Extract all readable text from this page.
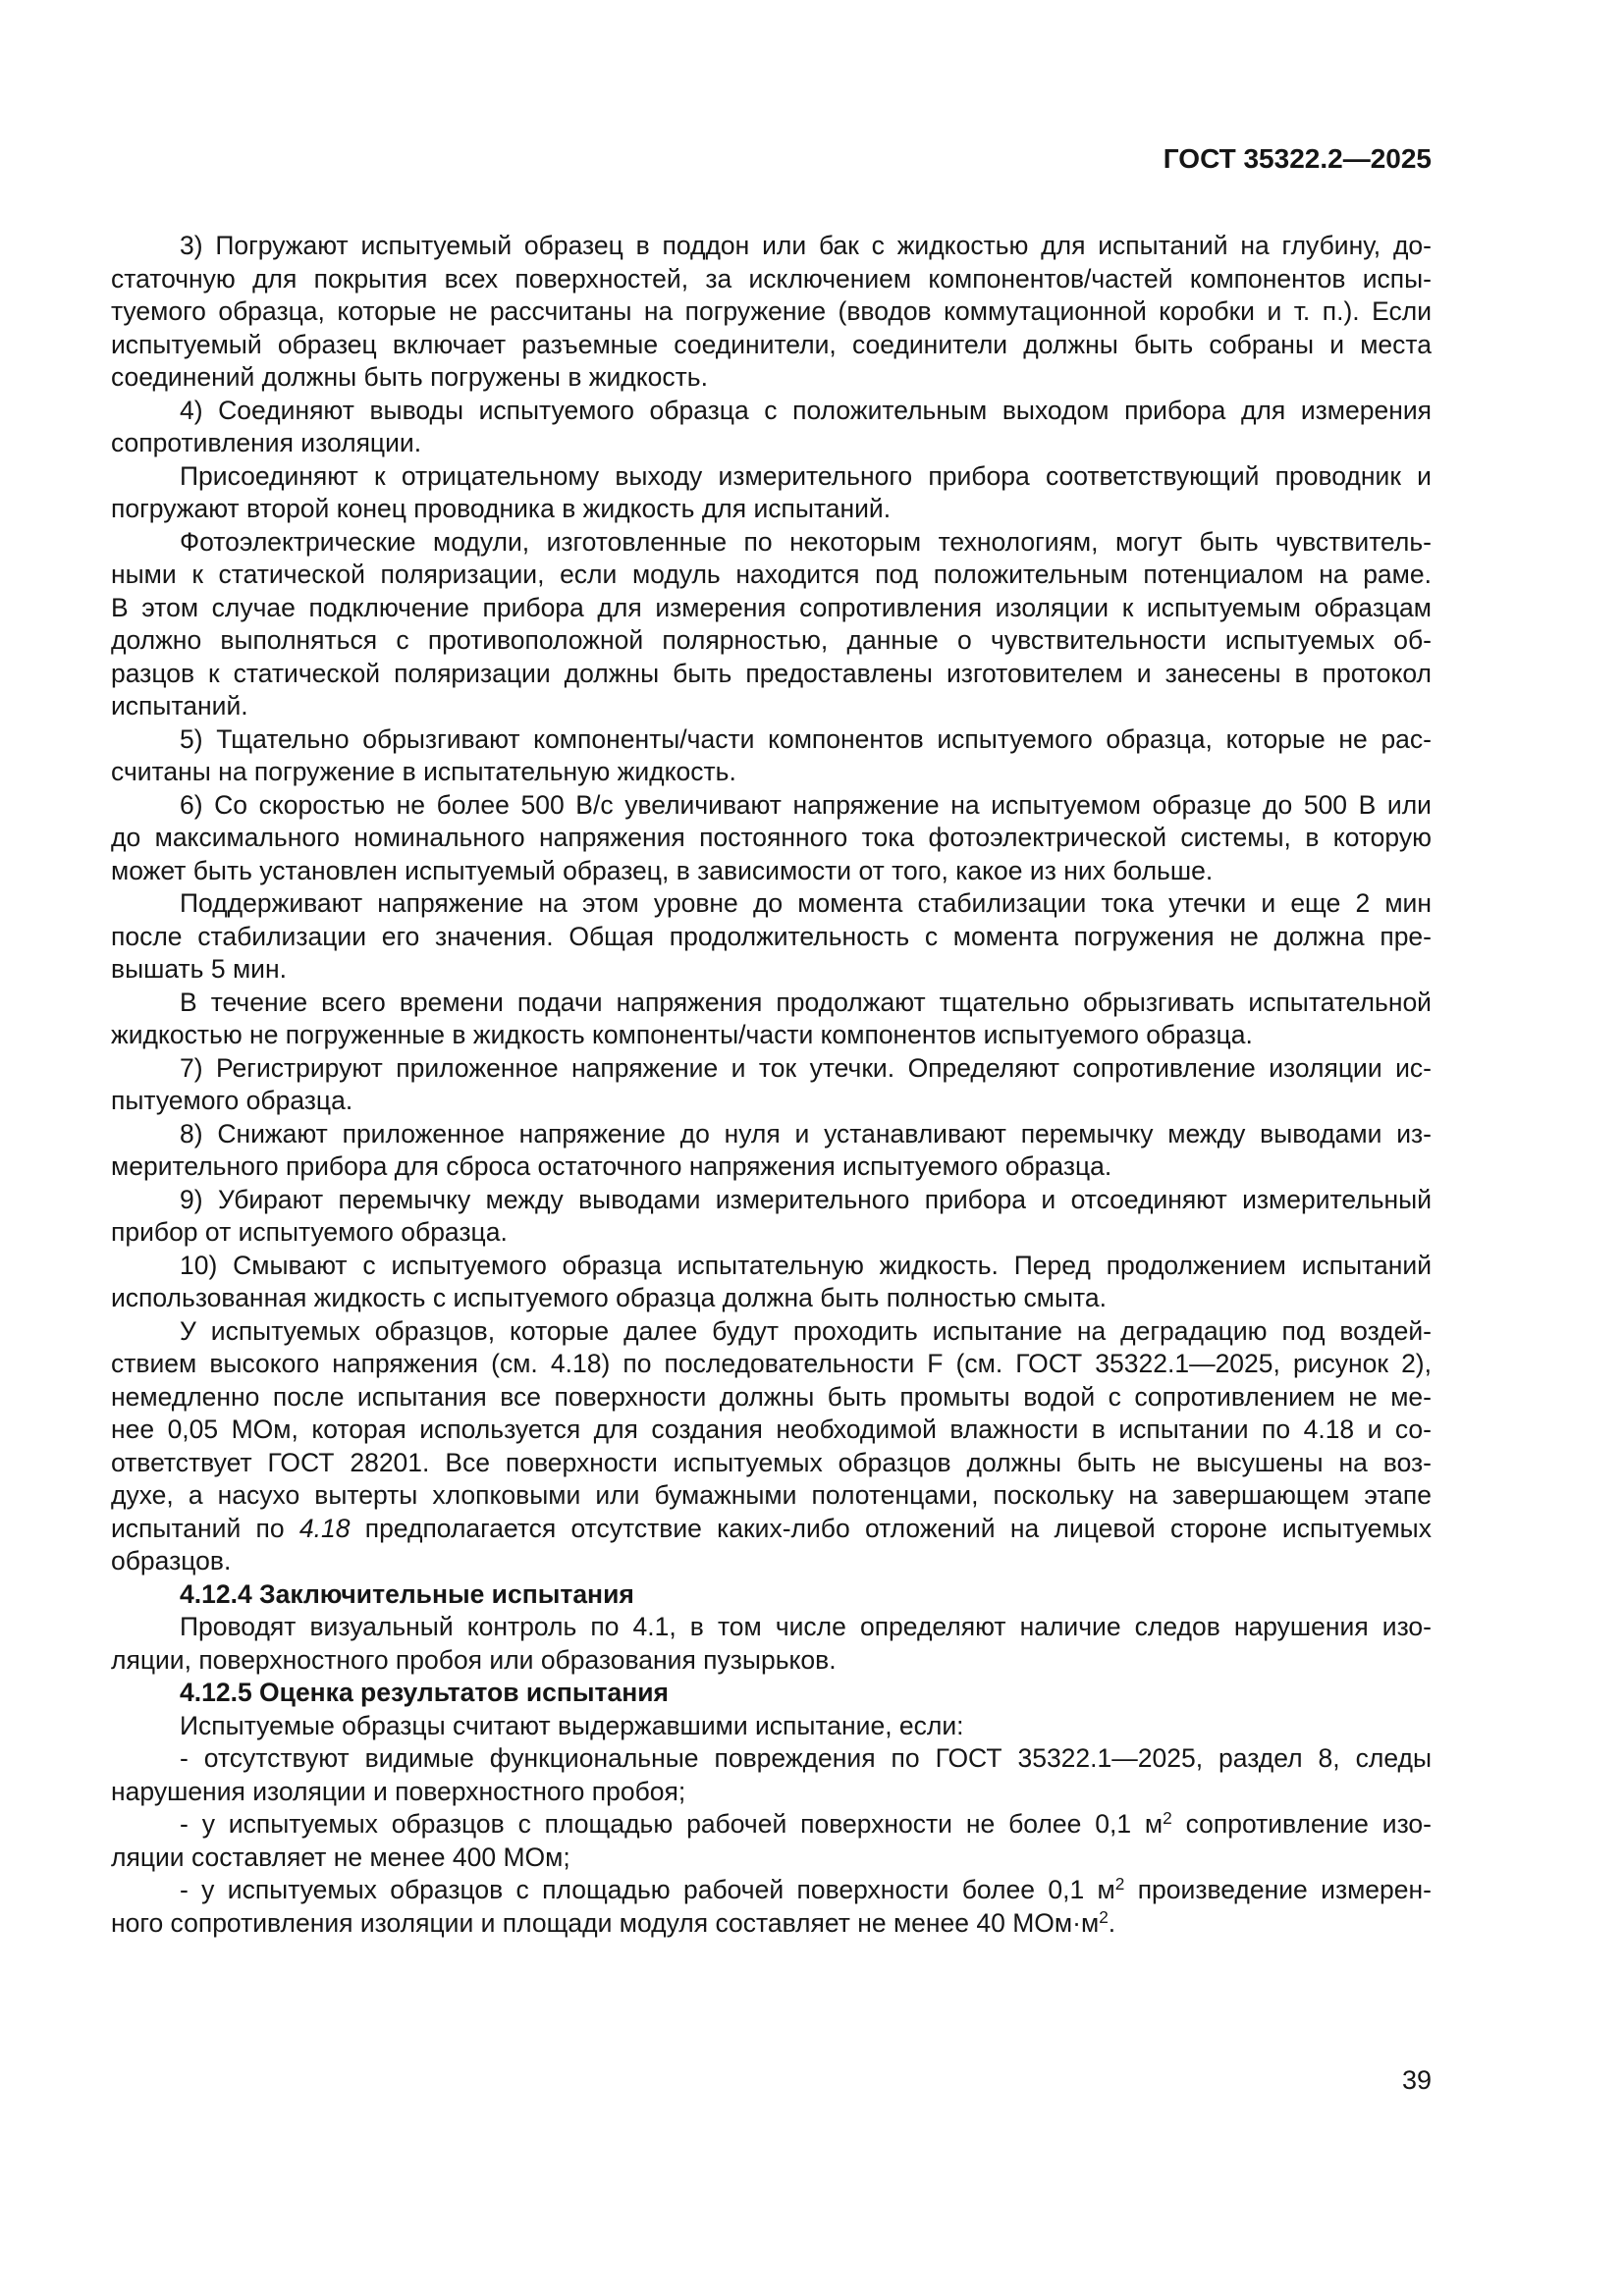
ГОСТ 35322.2—2025
3) Погружают испытуемый образец в поддон или бак с жидкостью для испытаний на глубину, до-
статочную для покрытия всех поверхностей, за исключением компонентов/частей компонентов испы-
туемого образца, которые не рассчитаны на погружение (вводов коммутационной коробки и т. п.). Если
испытуемый образец включает разъемные соединители, соединители должны быть собраны и места
соединений должны быть погружены в жидкость.
4) Соединяют выводы испытуемого образца с положительным выходом прибора для измерения
сопротивления изоляции.
Присоединяют к отрицательному выходу измерительного прибора соответствующий проводник и
погружают второй конец проводника в жидкость для испытаний.
Фотоэлектрические модули, изготовленные по некоторым технологиям, могут быть чувствитель-
ными к статической поляризации, если модуль находится под положительным потенциалом на раме.
В этом случае подключение прибора для измерения сопротивления изоляции к испытуемым образцам
должно выполняться с противоположной полярностью, данные о чувствительности испытуемых об-
разцов к статической поляризации должны быть предоставлены изготовителем и занесены в протокол
испытаний.
5) Тщательно обрызгивают компоненты/части компонентов испытуемого образца, которые не рас-
считаны на погружение в испытательную жидкость.
6) Со скоростью не более 500 В/с увеличивают напряжение на испытуемом образце до 500 В или
до максимального номинального напряжения постоянного тока фотоэлектрической системы, в которую
может быть установлен испытуемый образец, в зависимости от того, какое из них больше.
Поддерживают напряжение на этом уровне до момента стабилизации тока утечки и еще 2 мин
после стабилизации его значения. Общая продолжительность с момента погружения не должна пре-
вышать 5 мин.
В течение всего времени подачи напряжения продолжают тщательно обрызгивать испытательной
жидкостью не погруженные в жидкость компоненты/части компонентов испытуемого образца.
7) Регистрируют приложенное напряжение и ток утечки. Определяют сопротивление изоляции ис-
пытуемого образца.
8) Снижают приложенное напряжение до нуля и устанавливают перемычку между выводами из-
мерительного прибора для сброса остаточного напряжения испытуемого образца.
9) Убирают перемычку между выводами измерительного прибора и отсоединяют измерительный
прибор от испытуемого образца.
10) Смывают с испытуемого образца испытательную жидкость. Перед продолжением испытаний
использованная жидкость с испытуемого образца должна быть полностью смыта.
У испытуемых образцов, которые далее будут проходить испытание на деградацию под воздей-
ствием высокого напряжения (см. 4.18) по последовательности F (см. ГОСТ 35322.1—2025, рисунок 2),
немедленно после испытания все поверхности должны быть промыты водой с сопротивлением не ме-
нее 0,05 МОм, которая используется для создания необходимой влажности в испытании по 4.18 и со-
ответствует ГОСТ 28201. Все поверхности испытуемых образцов должны быть не высушены на воз-
духе, а насухо вытерты хлопковыми или бумажными полотенцами, поскольку на завершающем этапе
испытаний по 4.18 предполагается отсутствие каких-либо отложений на лицевой стороне испытуемых
образцов.
4.12.4 Заключительные испытания
Проводят визуальный контроль по 4.1, в том числе определяют наличие следов нарушения изо-
ляции, поверхностного пробоя или образования пузырьков.
4.12.5 Оценка результатов испытания
Испытуемые образцы считают выдержавшими испытание, если:
- отсутствуют видимые функциональные повреждения по ГОСТ 35322.1—2025, раздел 8, следы
нарушения изоляции и поверхностного пробоя;
- у испытуемых образцов с площадью рабочей поверхности не более 0,1 $м^2$ сопротивление изо-
ляции составляет не менее 400 МОм;
- у испытуемых образцов с площадью рабочей поверхности более 0,1 $м^2$ произведение измерен-
ного сопротивления изоляции и площади модуля составляет не менее 40 $МОм\cdot м^2$.
39
